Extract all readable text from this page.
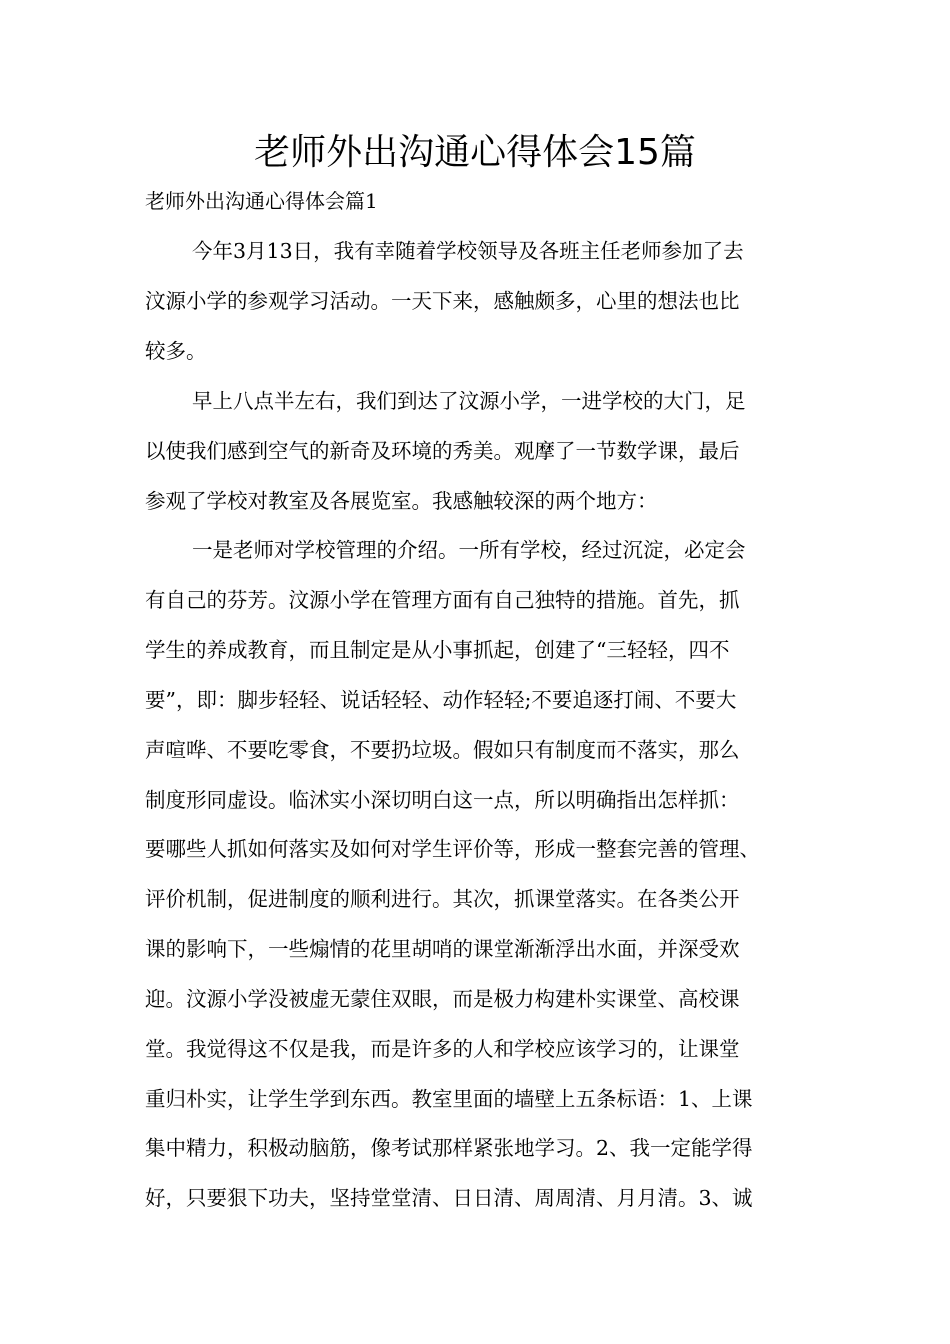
老师外出沟通心得体会15篇

老师外出沟通心得体会篇1

今年3月13日，我有幸随着学校领导及各班主任老师参加了去
汶源小学的参观学习活动。一天下来，感触颇多，心里的想法也比
较多。
早上八点半左右，我们到达了汶源小学，一进学校的大门，足
以使我们感到空气的新奇及环境的秀美。观摩了一节数学课，最后
参观了学校对教室及各展览室。我感触较深的两个地方：
一是老师对学校管理的介绍。一所有学校，经过沉淀，必定会
有自己的芬芳。汶源小学在管理方面有自己独特的措施。首先，抓
学生的养成教育，而且制定是从小事抓起，创建了“三轻轻，四不
要”，即：脚步轻轻、说话轻轻、动作轻轻;不要追逐打闹、不要大
声喧哗、不要吃零食，不要扔垃圾。假如只有制度而不落实，那么
制度形同虚设。临沭实小深切明白这一点，所以明确指出怎样抓：
要哪些人抓如何落实及如何对学生评价等，形成一整套完善的管理、
评价机制，促进制度的顺利进行。其次，抓课堂落实。在各类公开
课的影响下，一些煽情的花里胡哨的课堂渐渐浮出水面，并深受欢
迎。汶源小学没被虚无蒙住双眼，而是极力构建朴实课堂、高校课
堂。我觉得这不仅是我，而是许多的人和学校应该学习的，让课堂
重归朴实，让学生学到东西。教室里面的墙壁上五条标语：1、上课
集中精力，积极动脑筋，像考试那样紧张地学习。2、我一定能学得
好，只要狠下功夫，坚持堂堂清、日日清、周周清、月月清。3、诚
